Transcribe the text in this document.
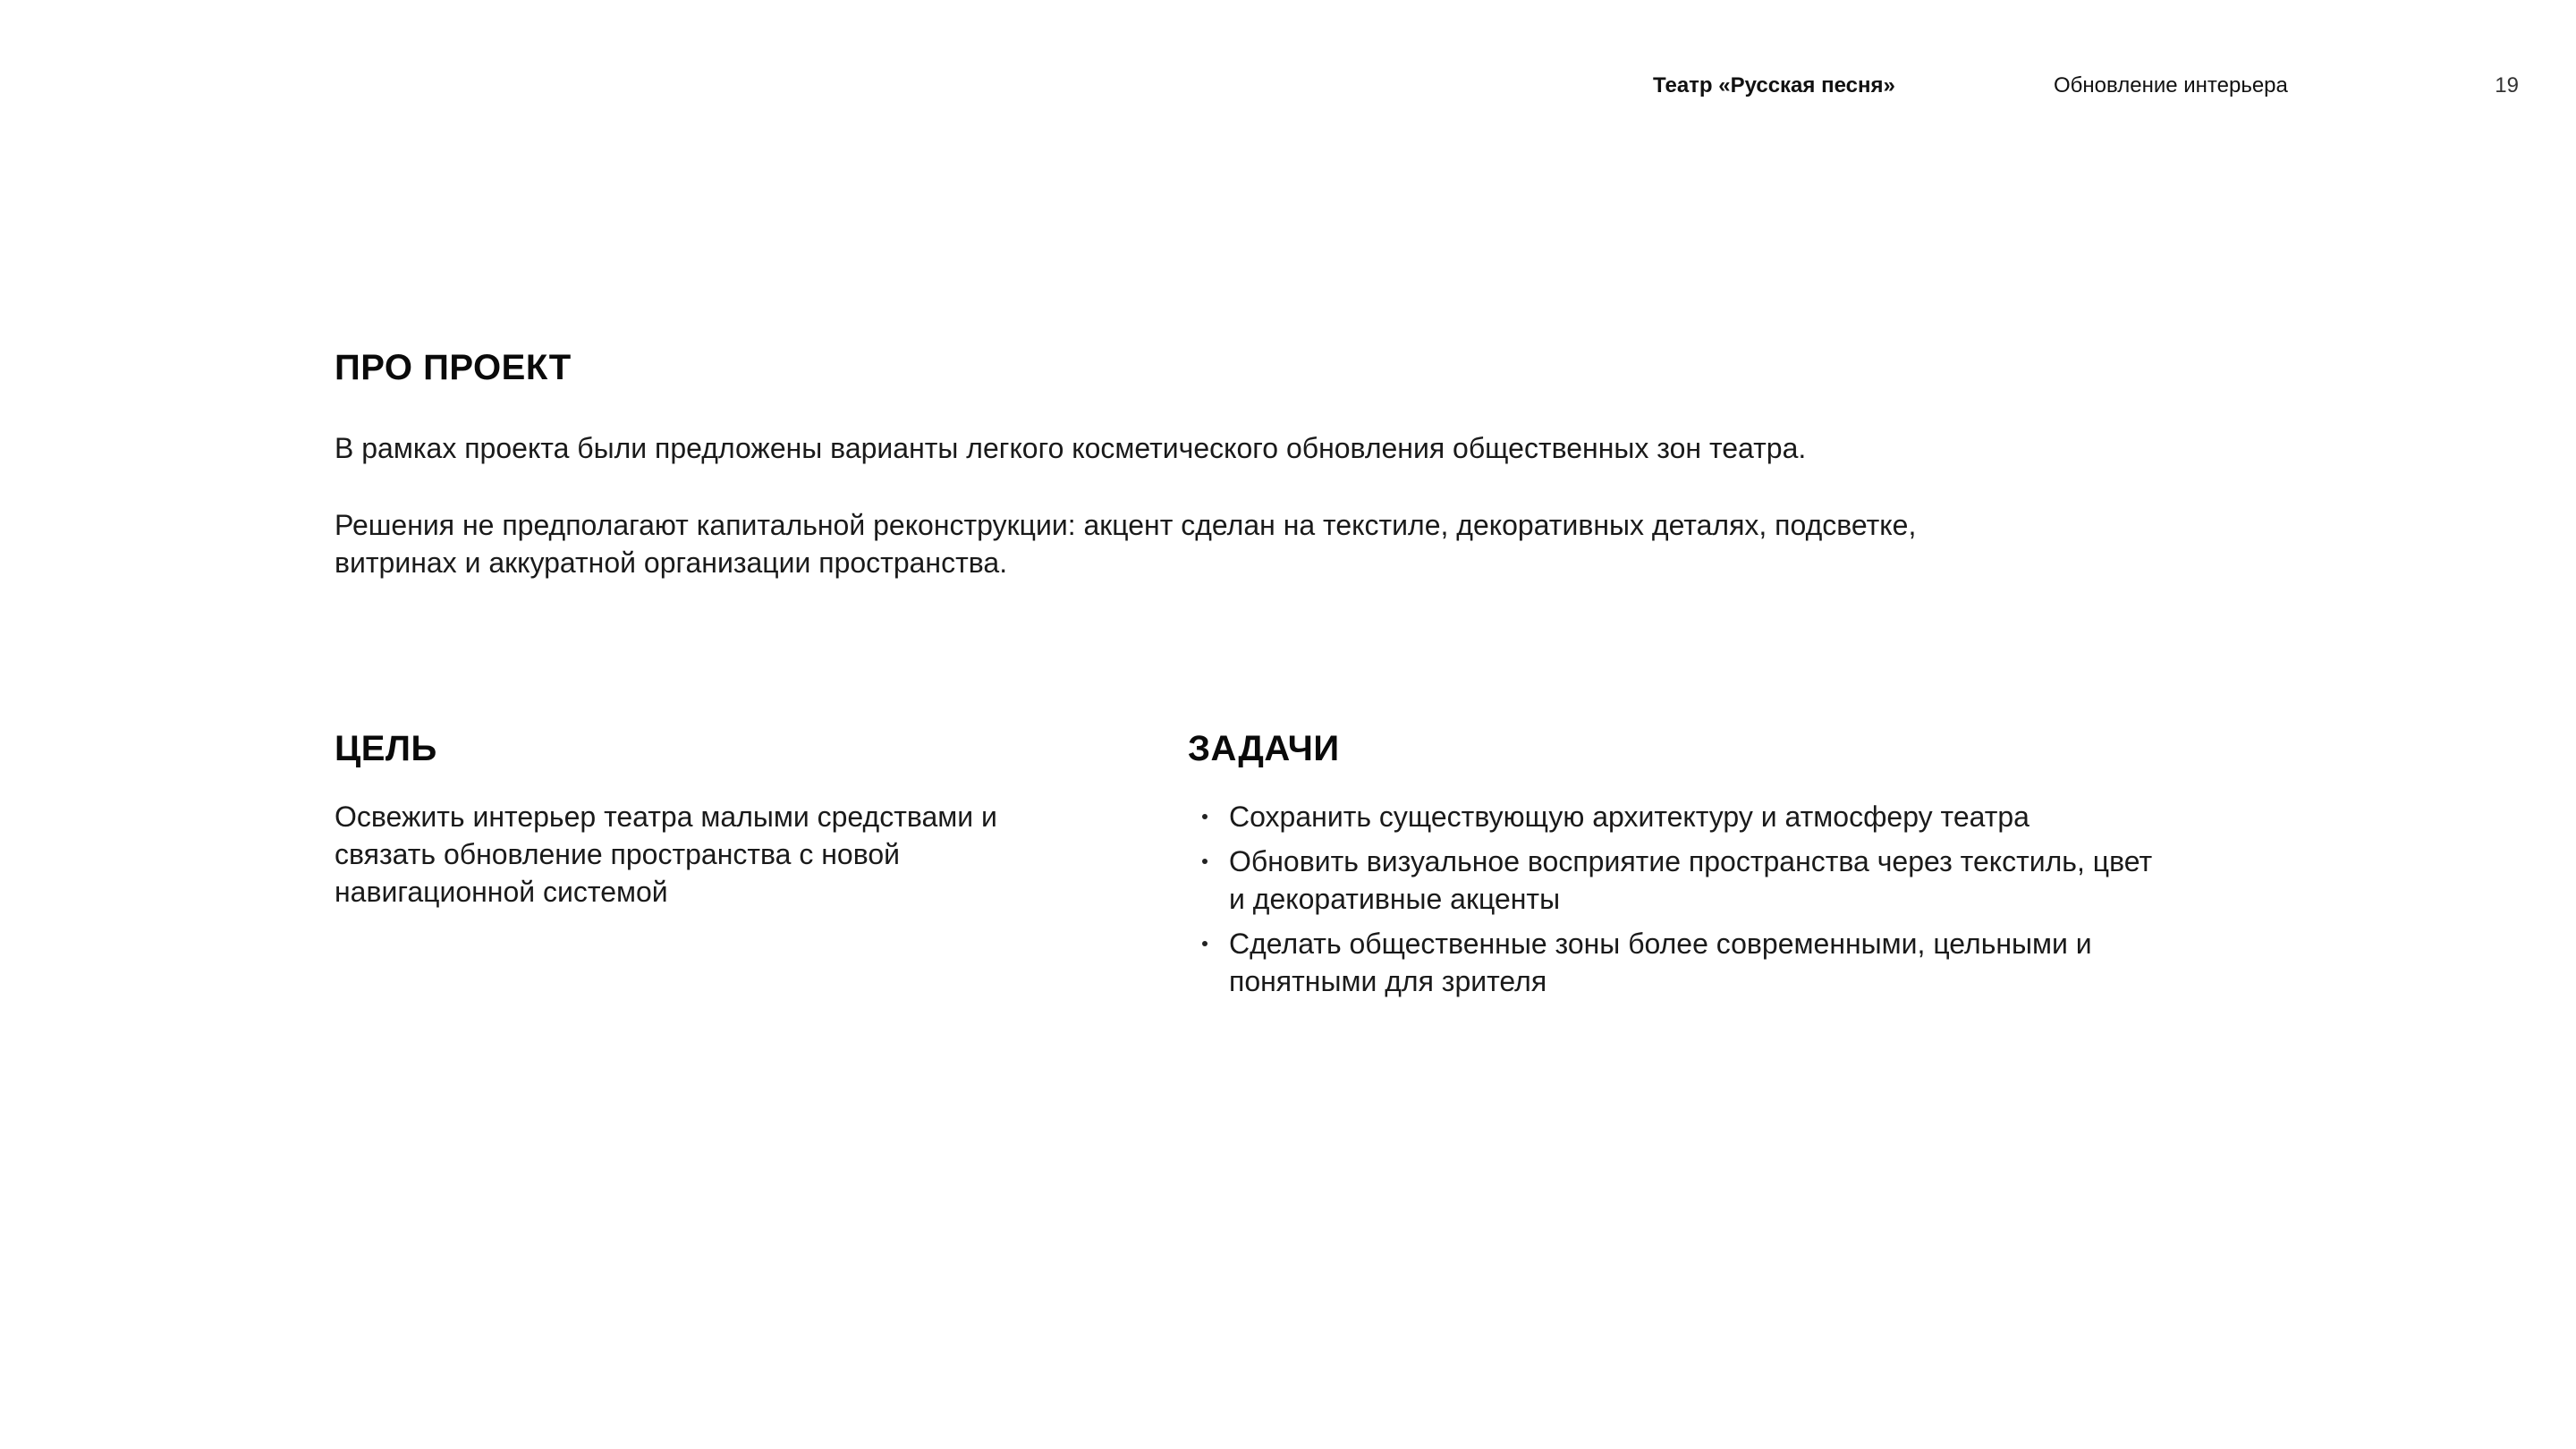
Театр «Русская песня»	Обновление интерьера	19
ПРО ПРОЕКТ

В рамках проекта были предложены варианты легкого косметического обновления общественных зон театра.

Решения не предполагают капитальной реконструкции: акцент сделан на текстиле, декоративных деталях, подсветке, витринах и аккуратной организации пространства.

ЦЕЛЬ

Освежить интерьер театра малыми средствами и связать обновление пространства с новой навигационной системой

ЗАДАЧИ
Сохранить существующую архитектуру и атмосферу театра
Обновить визуальное восприятие пространства через текстиль, цвет и декоративные акценты
Сделать общественные зоны более современными, цельными и понятными для зрителя
